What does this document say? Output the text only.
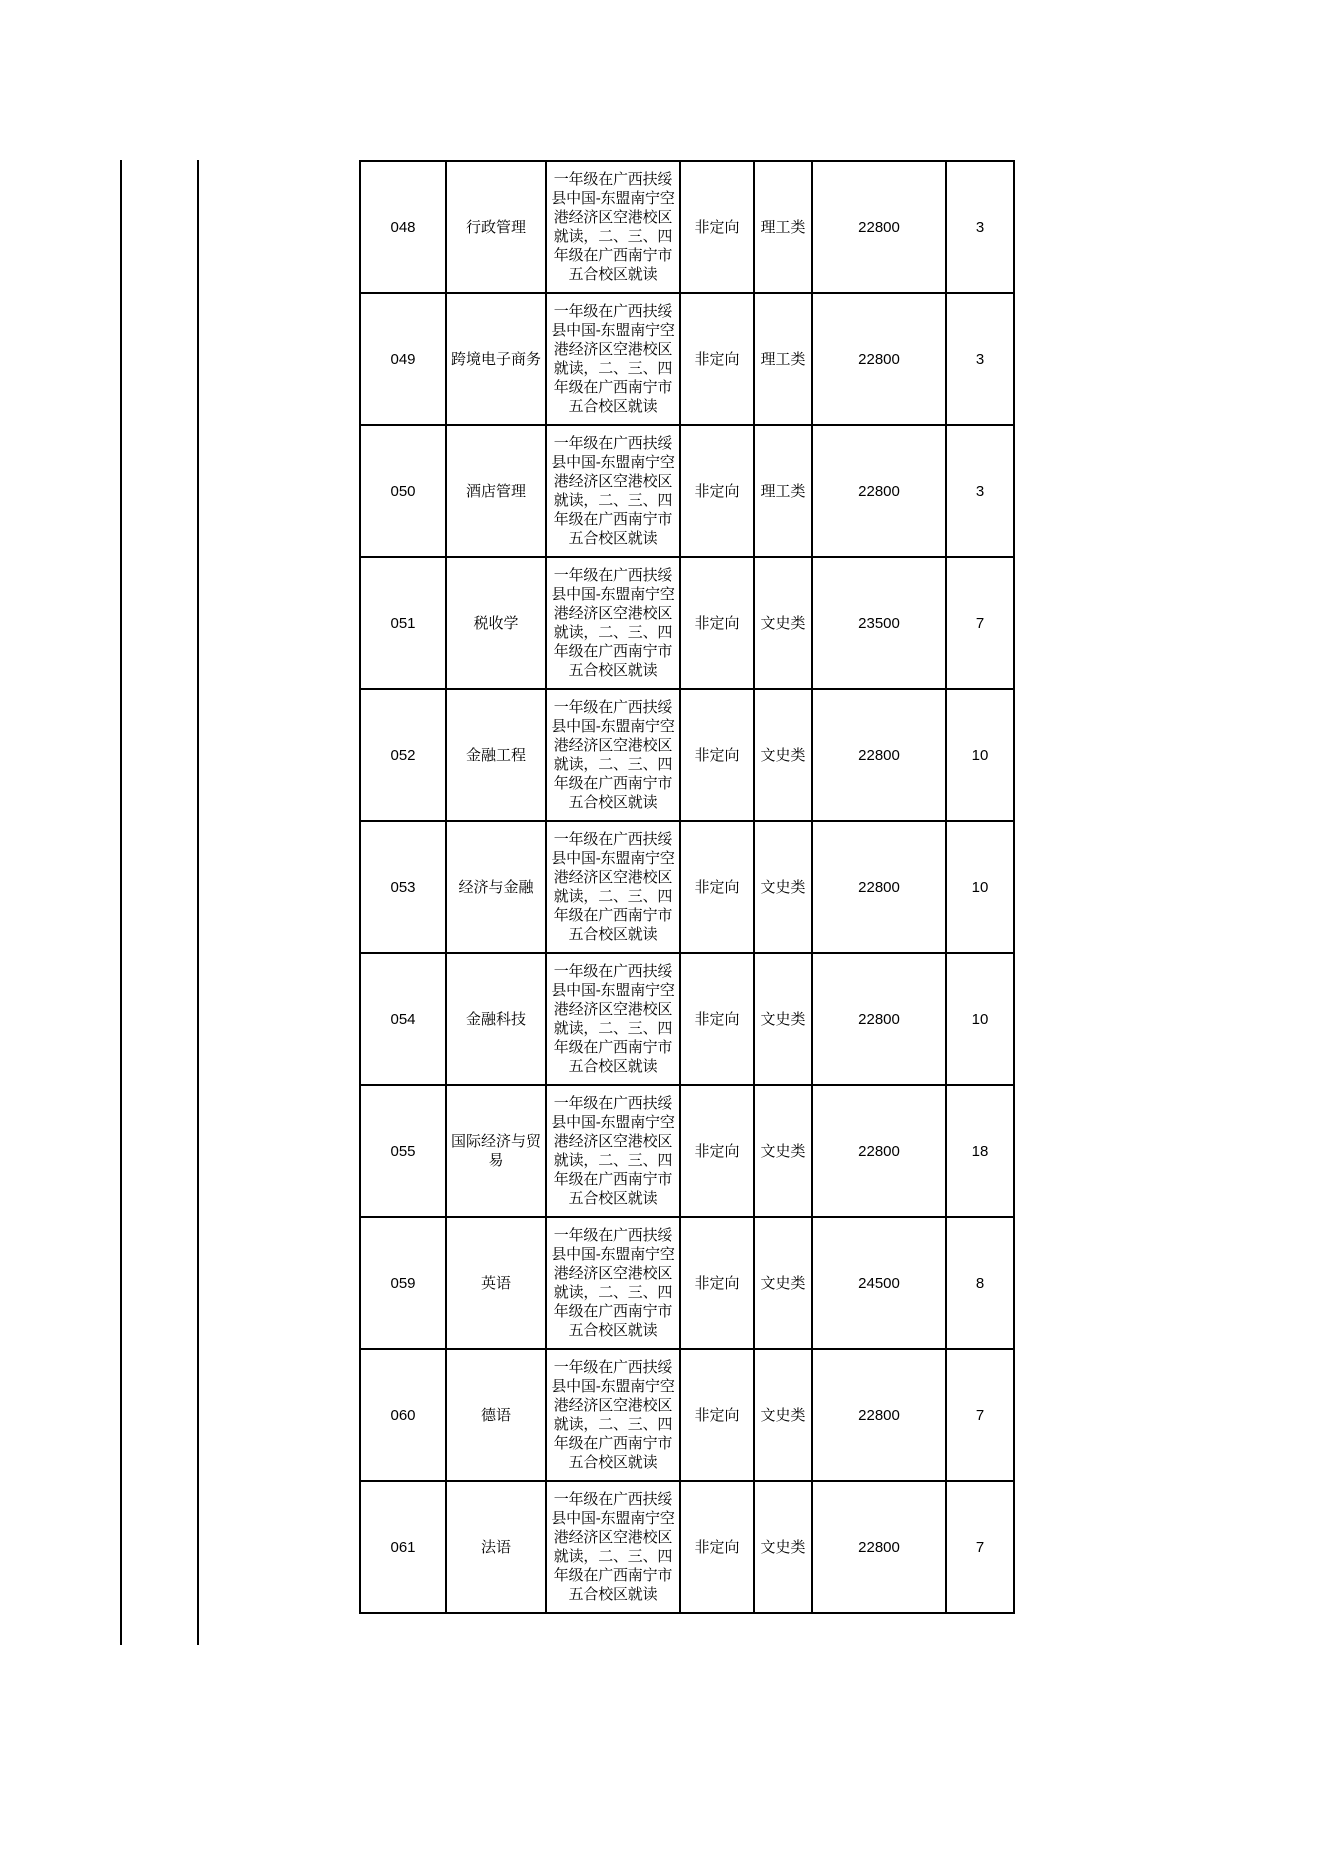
048	行政管理	一年级在广西扶绥县中国-东盟南宁空港经济区空港校区就读，二、三、四年级在广西南宁市五合校区就读	非定向	理工类	22800	3
049	跨境电子商务	一年级在广西扶绥县中国-东盟南宁空港经济区空港校区就读，二、三、四年级在广西南宁市五合校区就读	非定向	理工类	22800	3
050	酒店管理	一年级在广西扶绥县中国-东盟南宁空港经济区空港校区就读，二、三、四年级在广西南宁市五合校区就读	非定向	理工类	22800	3
051	税收学	一年级在广西扶绥县中国-东盟南宁空港经济区空港校区就读，二、三、四年级在广西南宁市五合校区就读	非定向	文史类	23500	7
052	金融工程	一年级在广西扶绥县中国-东盟南宁空港经济区空港校区就读，二、三、四年级在广西南宁市五合校区就读	非定向	文史类	22800	10
053	经济与金融	一年级在广西扶绥县中国-东盟南宁空港经济区空港校区就读，二、三、四年级在广西南宁市五合校区就读	非定向	文史类	22800	10
054	金融科技	一年级在广西扶绥县中国-东盟南宁空港经济区空港校区就读，二、三、四年级在广西南宁市五合校区就读	非定向	文史类	22800	10
055	国际经济与贸易	一年级在广西扶绥县中国-东盟南宁空港经济区空港校区就读，二、三、四年级在广西南宁市五合校区就读	非定向	文史类	22800	18
059	英语	一年级在广西扶绥县中国-东盟南宁空港经济区空港校区就读，二、三、四年级在广西南宁市五合校区就读	非定向	文史类	24500	8
060	德语	一年级在广西扶绥县中国-东盟南宁空港经济区空港校区就读，二、三、四年级在广西南宁市五合校区就读	非定向	文史类	22800	7
061	法语	一年级在广西扶绥县中国-东盟南宁空港经济区空港校区就读，二、三、四年级在广西南宁市五合校区就读	非定向	文史类	22800	7
